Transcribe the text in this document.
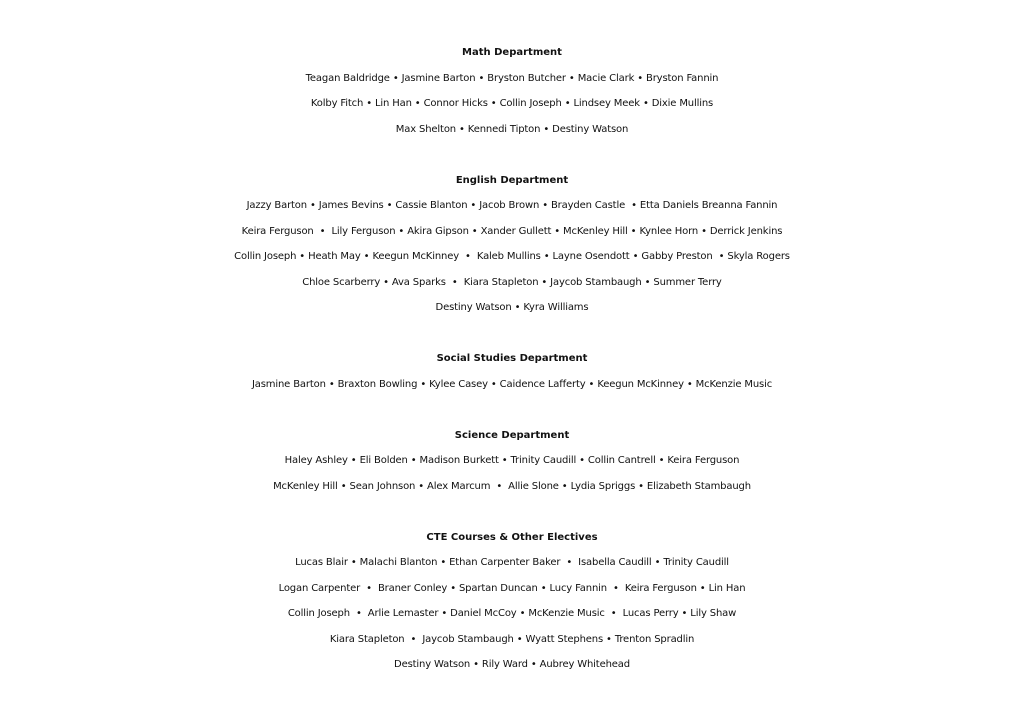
Math Department
Teagan Baldridge • Jasmine Barton • Bryston Butcher • Macie Clark • Bryston Fannin
Kolby Fitch • Lin Han • Connor Hicks • Collin Joseph • Lindsey Meek • Dixie Mullins
Max Shelton • Kennedi Tipton • Destiny Watson
English Department
Jazzy Barton • James Bevins • Cassie Blanton • Jacob Brown • Brayden Castle  • Etta Daniels Breanna Fannin
Keira Ferguson  •  Lily Ferguson • Akira Gipson • Xander Gullett • McKenley Hill • Kynlee Horn • Derrick Jenkins
Collin Joseph • Heath May • Keegun McKinney  •  Kaleb Mullins • Layne Osendott • Gabby Preston  • Skyla Rogers
Chloe Scarberry • Ava Sparks  •  Kiara Stapleton • Jaycob Stambaugh • Summer Terry
Destiny Watson • Kyra Williams
Social Studies Department
Jasmine Barton • Braxton Bowling • Kylee Casey • Caidence Lafferty • Keegun McKinney • McKenzie Music
Science Department
Haley Ashley • Eli Bolden • Madison Burkett • Trinity Caudill • Collin Cantrell • Keira Ferguson
McKenley Hill • Sean Johnson • Alex Marcum  •  Allie Slone • Lydia Spriggs • Elizabeth Stambaugh
CTE Courses & Other Electives
Lucas Blair • Malachi Blanton • Ethan Carpenter Baker  •  Isabella Caudill • Trinity Caudill
Logan Carpenter  •  Braner Conley • Spartan Duncan • Lucy Fannin  •  Keira Ferguson • Lin Han
Collin Joseph  •  Arlie Lemaster • Daniel McCoy • McKenzie Music  •  Lucas Perry • Lily Shaw
Kiara Stapleton  •  Jaycob Stambaugh • Wyatt Stephens • Trenton Spradlin
Destiny Watson • Rily Ward • Aubrey Whitehead
